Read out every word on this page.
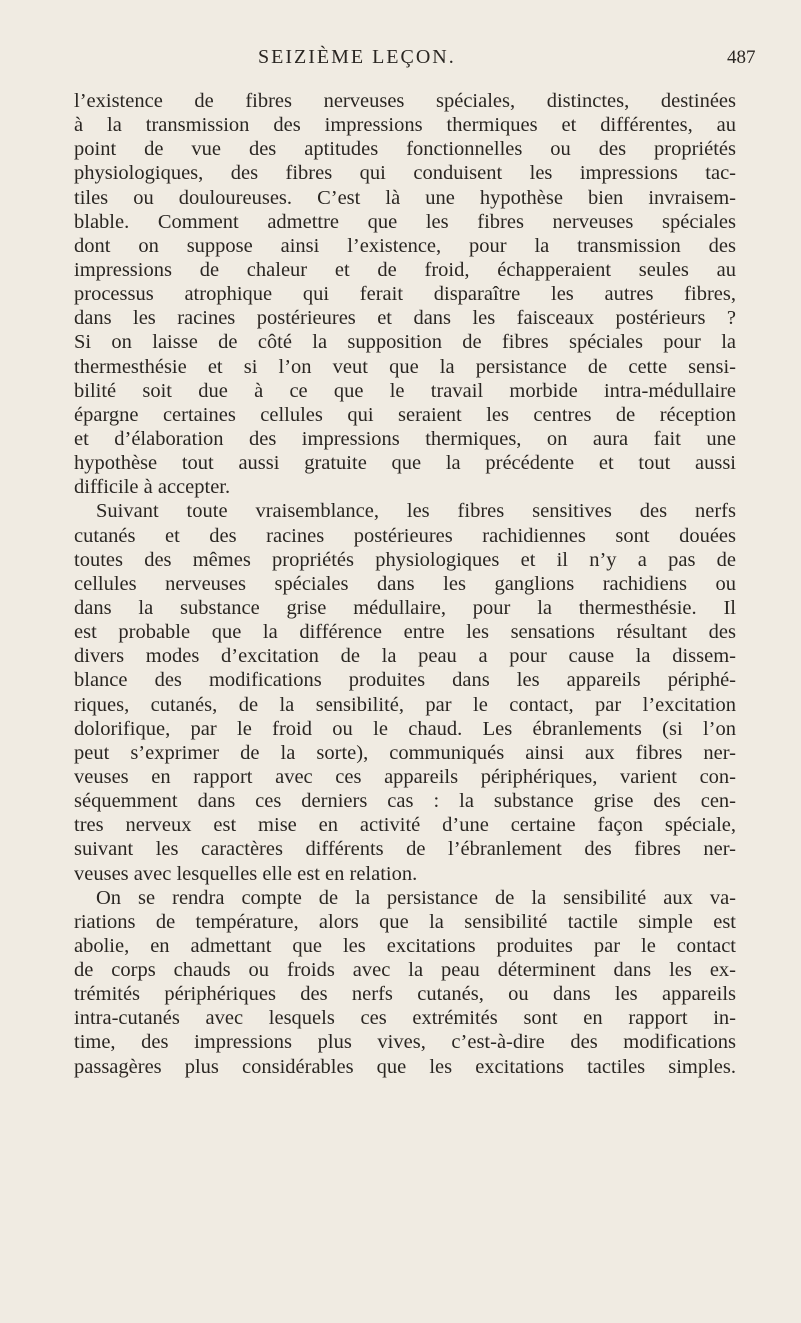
SEIZIÈME LEÇON.	487
l’existence de fibres nerveuses spéciales, distinctes, destinées
à la transmission des impressions thermiques et différentes, au
point de vue des aptitudes fonctionnelles ou des propriétés
physiologiques, des fibres qui conduisent les impressions tac-
tiles ou douloureuses. C’est là une hypothèse bien invraisem-
blable. Comment admettre que les fibres nerveuses spéciales
dont on suppose ainsi l’existence, pour la transmission des
impressions de chaleur et de froid, échapperaient seules au
processus atrophique qui ferait disparaître les autres fibres,
dans les racines postérieures et dans les faisceaux postérieurs ?
Si on laisse de côté la supposition de fibres spéciales pour la
thermesthésie et si l’on veut que la persistance de cette sensi-
bilité soit due à ce que le travail morbide intra-médullaire
épargne certaines cellules qui seraient les centres de réception
et d’élaboration des impressions thermiques, on aura fait une
hypothèse tout aussi gratuite que la précédente et tout aussi
difficile à accepter.
Suivant toute vraisemblance, les fibres sensitives des nerfs
cutanés et des racines postérieures rachidiennes sont douées
toutes des mêmes propriétés physiologiques et il n’y a pas de
cellules nerveuses spéciales dans les ganglions rachidiens ou
dans la substance grise médullaire, pour la thermesthésie. Il
est probable que la différence entre les sensations résultant des
divers modes d’excitation de la peau a pour cause la dissem-
blance des modifications produites dans les appareils périphé-
riques, cutanés, de la sensibilité, par le contact, par l’excitation
dolorifique, par le froid ou le chaud. Les ébranlements (si l’on
peut s’exprimer de la sorte), communiqués ainsi aux fibres ner-
veuses en rapport avec ces appareils périphériques, varient con-
séquemment dans ces derniers cas : la substance grise des cen-
tres nerveux est mise en activité d’une certaine façon spéciale,
suivant les caractères différents de l’ébranlement des fibres ner-
veuses avec lesquelles elle est en relation.
On se rendra compte de la persistance de la sensibilité aux va-
riations de température, alors que la sensibilité tactile simple est
abolie, en admettant que les excitations produites par le contact
de corps chauds ou froids avec la peau déterminent dans les ex-
trémités périphériques des nerfs cutanés, ou dans les appareils
intra-cutanés avec lesquels ces extrémités sont en rapport in-
time, des impressions plus vives, c’est-à-dire des modifications
passagères plus considérables que les excitations tactiles simples.
